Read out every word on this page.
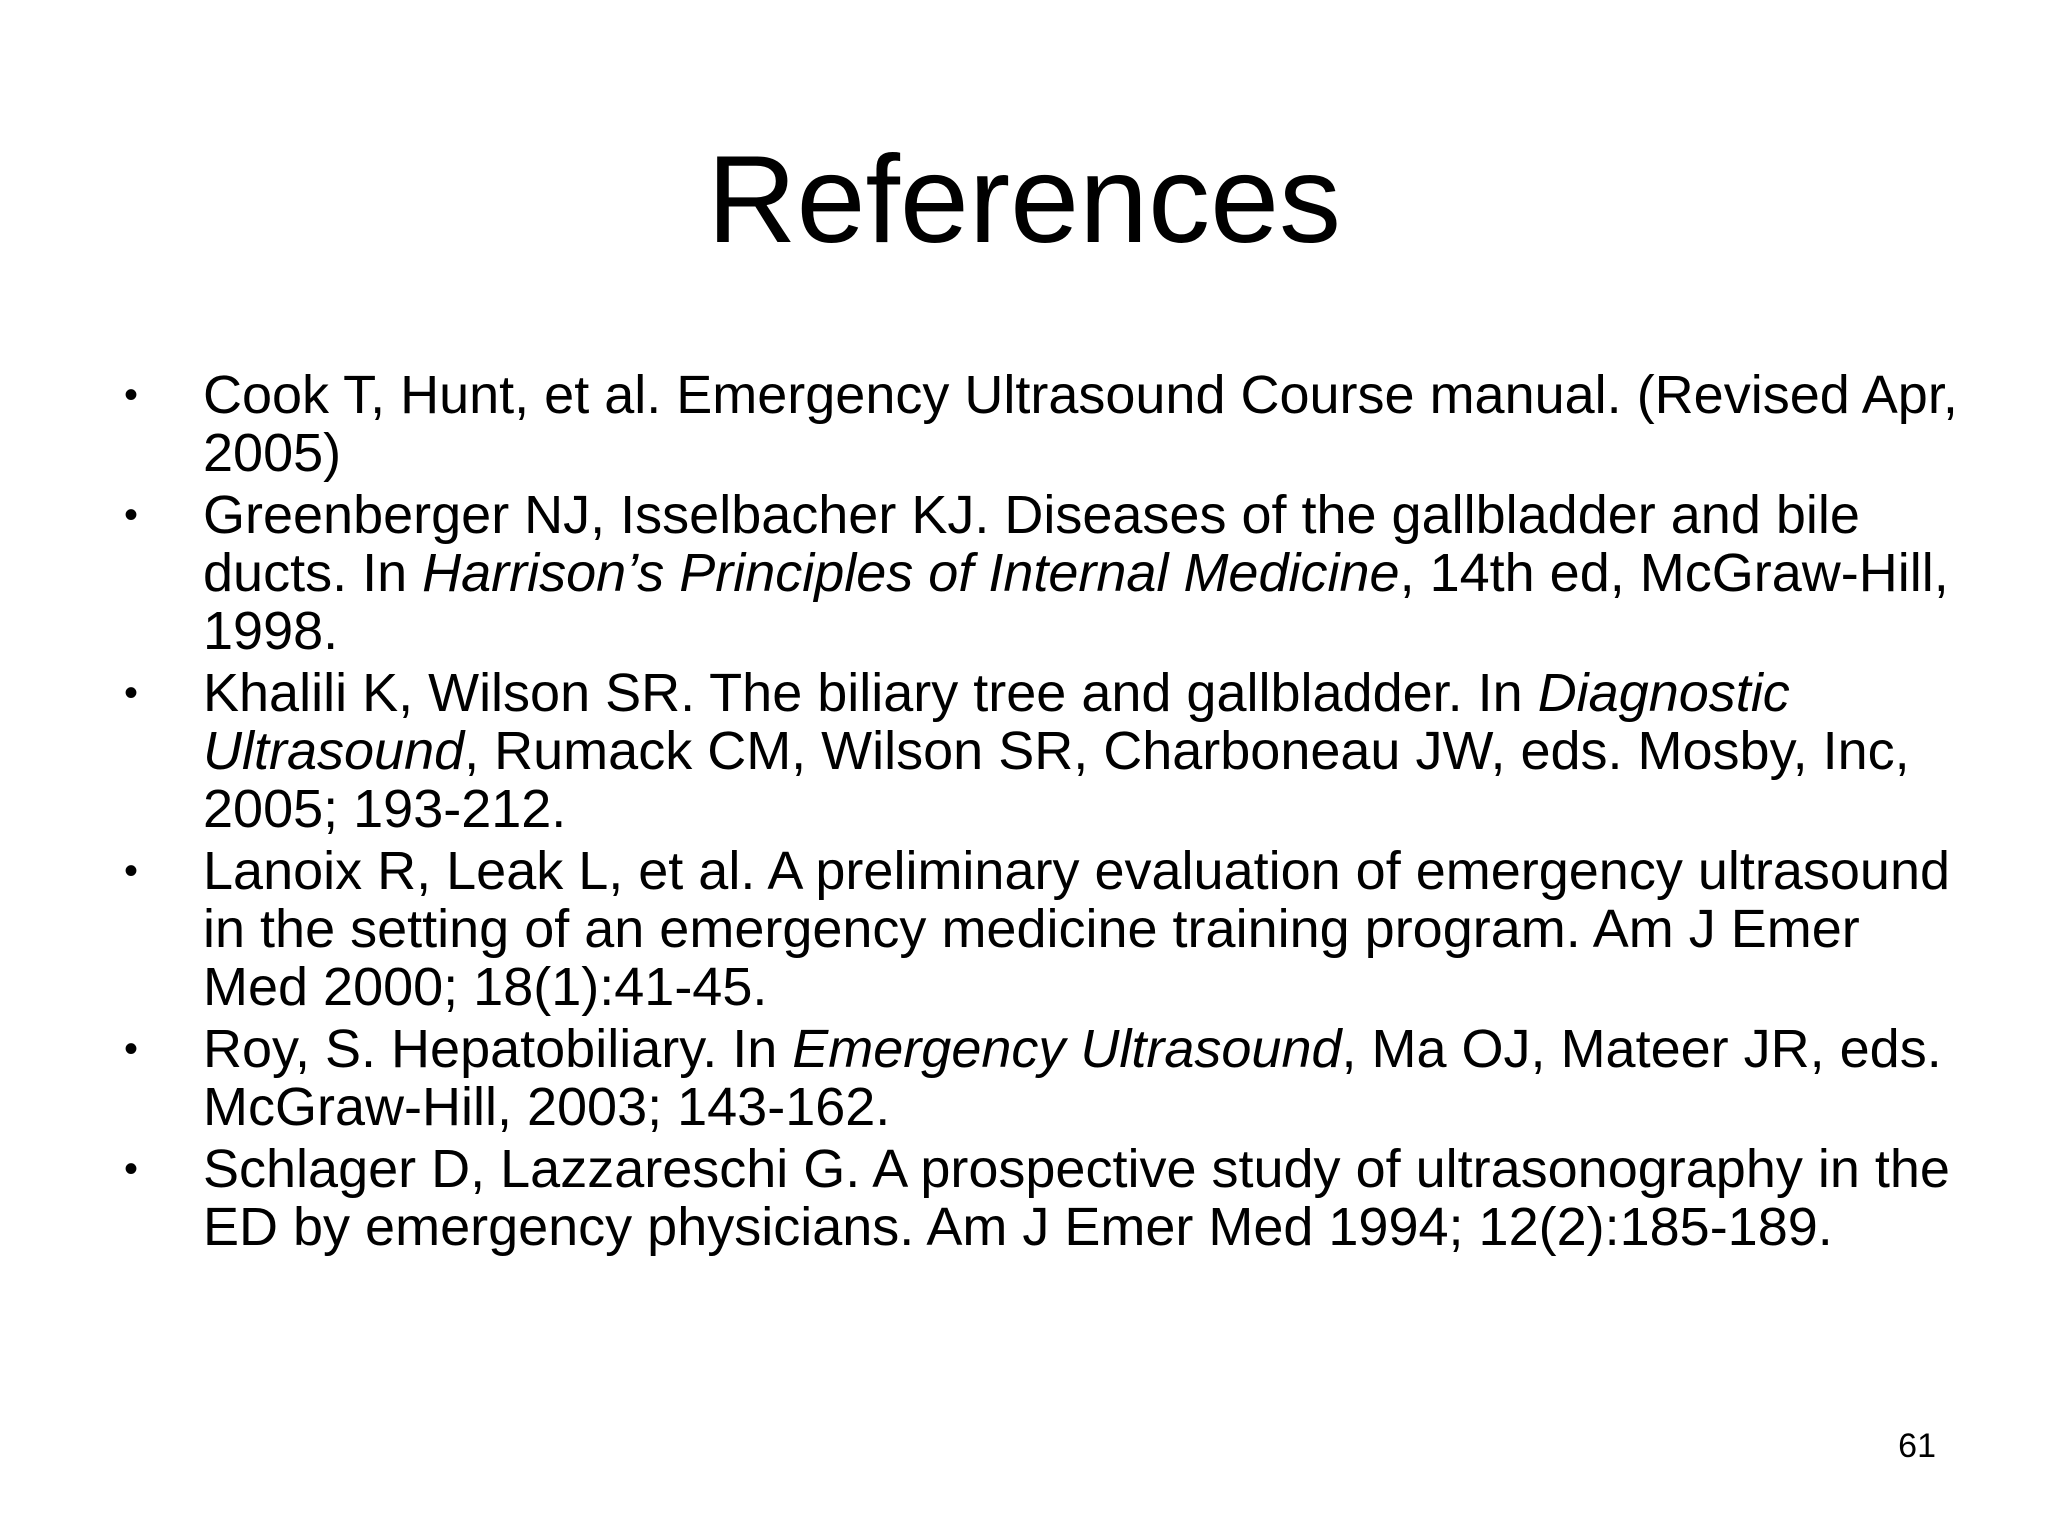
References
• Cook T, Hunt, et al. Emergency Ultrasound Course manual. (Revised Apr, 2005)
• Greenberger NJ, Isselbacher KJ. Diseases of the gallbladder and bile ducts. In Harrison’s Principles of Internal Medicine, 14th ed, McGraw-Hill, 1998.
• Khalili K, Wilson SR. The biliary tree and gallbladder. In Diagnostic Ultrasound, Rumack CM, Wilson SR, Charboneau JW, eds. Mosby, Inc, 2005; 193-212.
• Lanoix R, Leak L, et al. A preliminary evaluation of emergency ultrasound in the setting of an emergency medicine training program. Am J Emer Med 2000; 18(1):41-45.
• Roy, S. Hepatobiliary. In Emergency Ultrasound, Ma OJ, Mateer JR, eds. McGraw-Hill, 2003; 143-162.
• Schlager D, Lazzareschi G. A prospective study of ultrasonography in the ED by emergency physicians. Am J Emer Med 1994; 12(2):185-189.
61
